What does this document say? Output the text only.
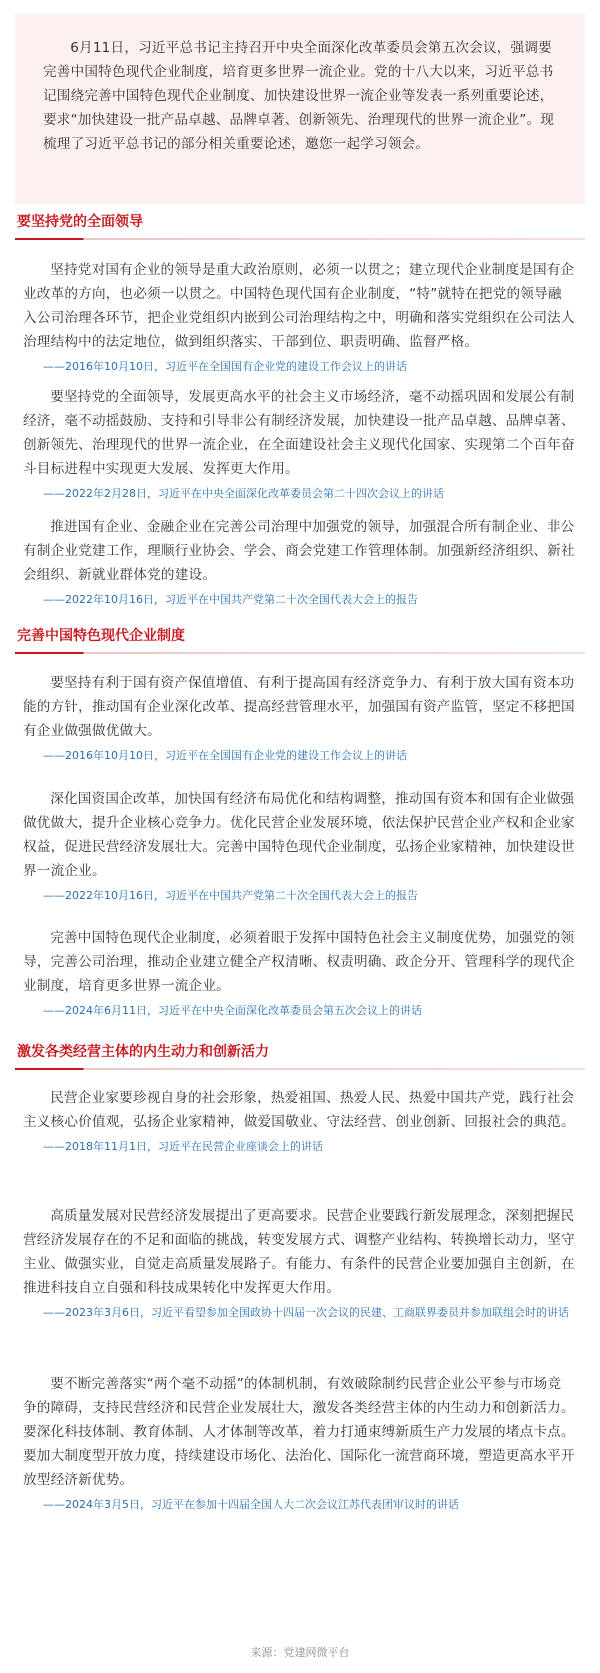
6月11日，习近平总书记主持召开中央全面深化改革委员会第五次会议，强调要完善中国特色现代企业制度，培育更多世界一流企业。党的十八大以来，习近平总书记围绕完善中国特色现代企业制度、加快建设世界一流企业等发表一系列重要论述，要求“加快建设一批产品卓越、品牌卓著、创新领先、治理现代的世界一流企业”。现梳理了习近平总书记的部分相关重要论述，邀您一起学习领会。

要坚持党的全面领导
坚持党对国有企业的领导是重大政治原则，必须一以贯之；建立现代企业制度是国有企业改革的方向，也必须一以贯之。中国特色现代国有企业制度，“特”就特在把党的领导融入公司治理各环节，把企业党组织内嵌到公司治理结构之中，明确和落实党组织在公司法人治理结构中的法定地位，做到组织落实、干部到位、职责明确、监督严格。
——2016年10月10日，习近平在全国国有企业党的建设工作会议上的讲话
要坚持党的全面领导，发展更高水平的社会主义市场经济，毫不动摇巩固和发展公有制经济，毫不动摇鼓励、支持和引导非公有制经济发展，加快建设一批产品卓越、品牌卓著、创新领先、治理现代的世界一流企业，在全面建设社会主义现代化国家、实现第二个百年奋斗目标进程中实现更大发展、发挥更大作用。
——2022年2月28日，习近平在中央全面深化改革委员会第二十四次会议上的讲话
推进国有企业、金融企业在完善公司治理中加强党的领导，加强混合所有制企业、非公有制企业党建工作，理顺行业协会、学会、商会党建工作管理体制。加强新经济组织、新社会组织、新就业群体党的建设。
——2022年10月16日，习近平在中国共产党第二十次全国代表大会上的报告
完善中国特色现代企业制度
要坚持有利于国有资产保值增值、有利于提高国有经济竞争力、有利于放大国有资本功能的方针，推动国有企业深化改革、提高经营管理水平，加强国有资产监管，坚定不移把国有企业做强做优做大。
——2016年10月10日，习近平在全国国有企业党的建设工作会议上的讲话
深化国资国企改革，加快国有经济布局优化和结构调整，推动国有资本和国有企业做强做优做大，提升企业核心竞争力。优化民营企业发展环境，依法保护民营企业产权和企业家权益，促进民营经济发展壮大。完善中国特色现代企业制度，弘扬企业家精神，加快建设世界一流企业。
——2022年10月16日，习近平在中国共产党第二十次全国代表大会上的报告
完善中国特色现代企业制度，必须着眼于发挥中国特色社会主义制度优势，加强党的领导，完善公司治理，推动企业建立健全产权清晰、权责明确、政企分开、管理科学的现代企业制度，培育更多世界一流企业。
——2024年6月11日，习近平在中央全面深化改革委员会第五次会议上的讲话
激发各类经营主体的内生动力和创新活力
民营企业家要珍视自身的社会形象，热爱祖国、热爱人民、热爱中国共产党，践行社会主义核心价值观，弘扬企业家精神，做爱国敬业、守法经营、创业创新、回报社会的典范。
——2018年11月1日，习近平在民营企业座谈会上的讲话
高质量发展对民营经济发展提出了更高要求。民营企业要践行新发展理念，深刻把握民营经济发展存在的不足和面临的挑战，转变发展方式、调整产业结构、转换增长动力，坚守主业、做强实业，自觉走高质量发展路子。有能力、有条件的民营企业要加强自主创新，在推进科技自立自强和科技成果转化中发挥更大作用。
——2023年3月6日，习近平看望参加全国政协十四届一次会议的民建、工商联界委员并参加联组会时的讲话
要不断完善落实“两个毫不动摇”的体制机制，有效破除制约民营企业公平参与市场竞争的障碍，支持民营经济和民营企业发展壮大，激发各类经营主体的内生动力和创新活力。要深化科技体制、教育体制、人才体制等改革，着力打通束缚新质生产力发展的堵点卡点。要加大制度型开放力度，持续建设市场化、法治化、国际化一流营商环境，塑造更高水平开放型经济新优势。
——2024年3月5日，习近平在参加十四届全国人大二次会议江苏代表团审议时的讲话
来源：党建网微平台
